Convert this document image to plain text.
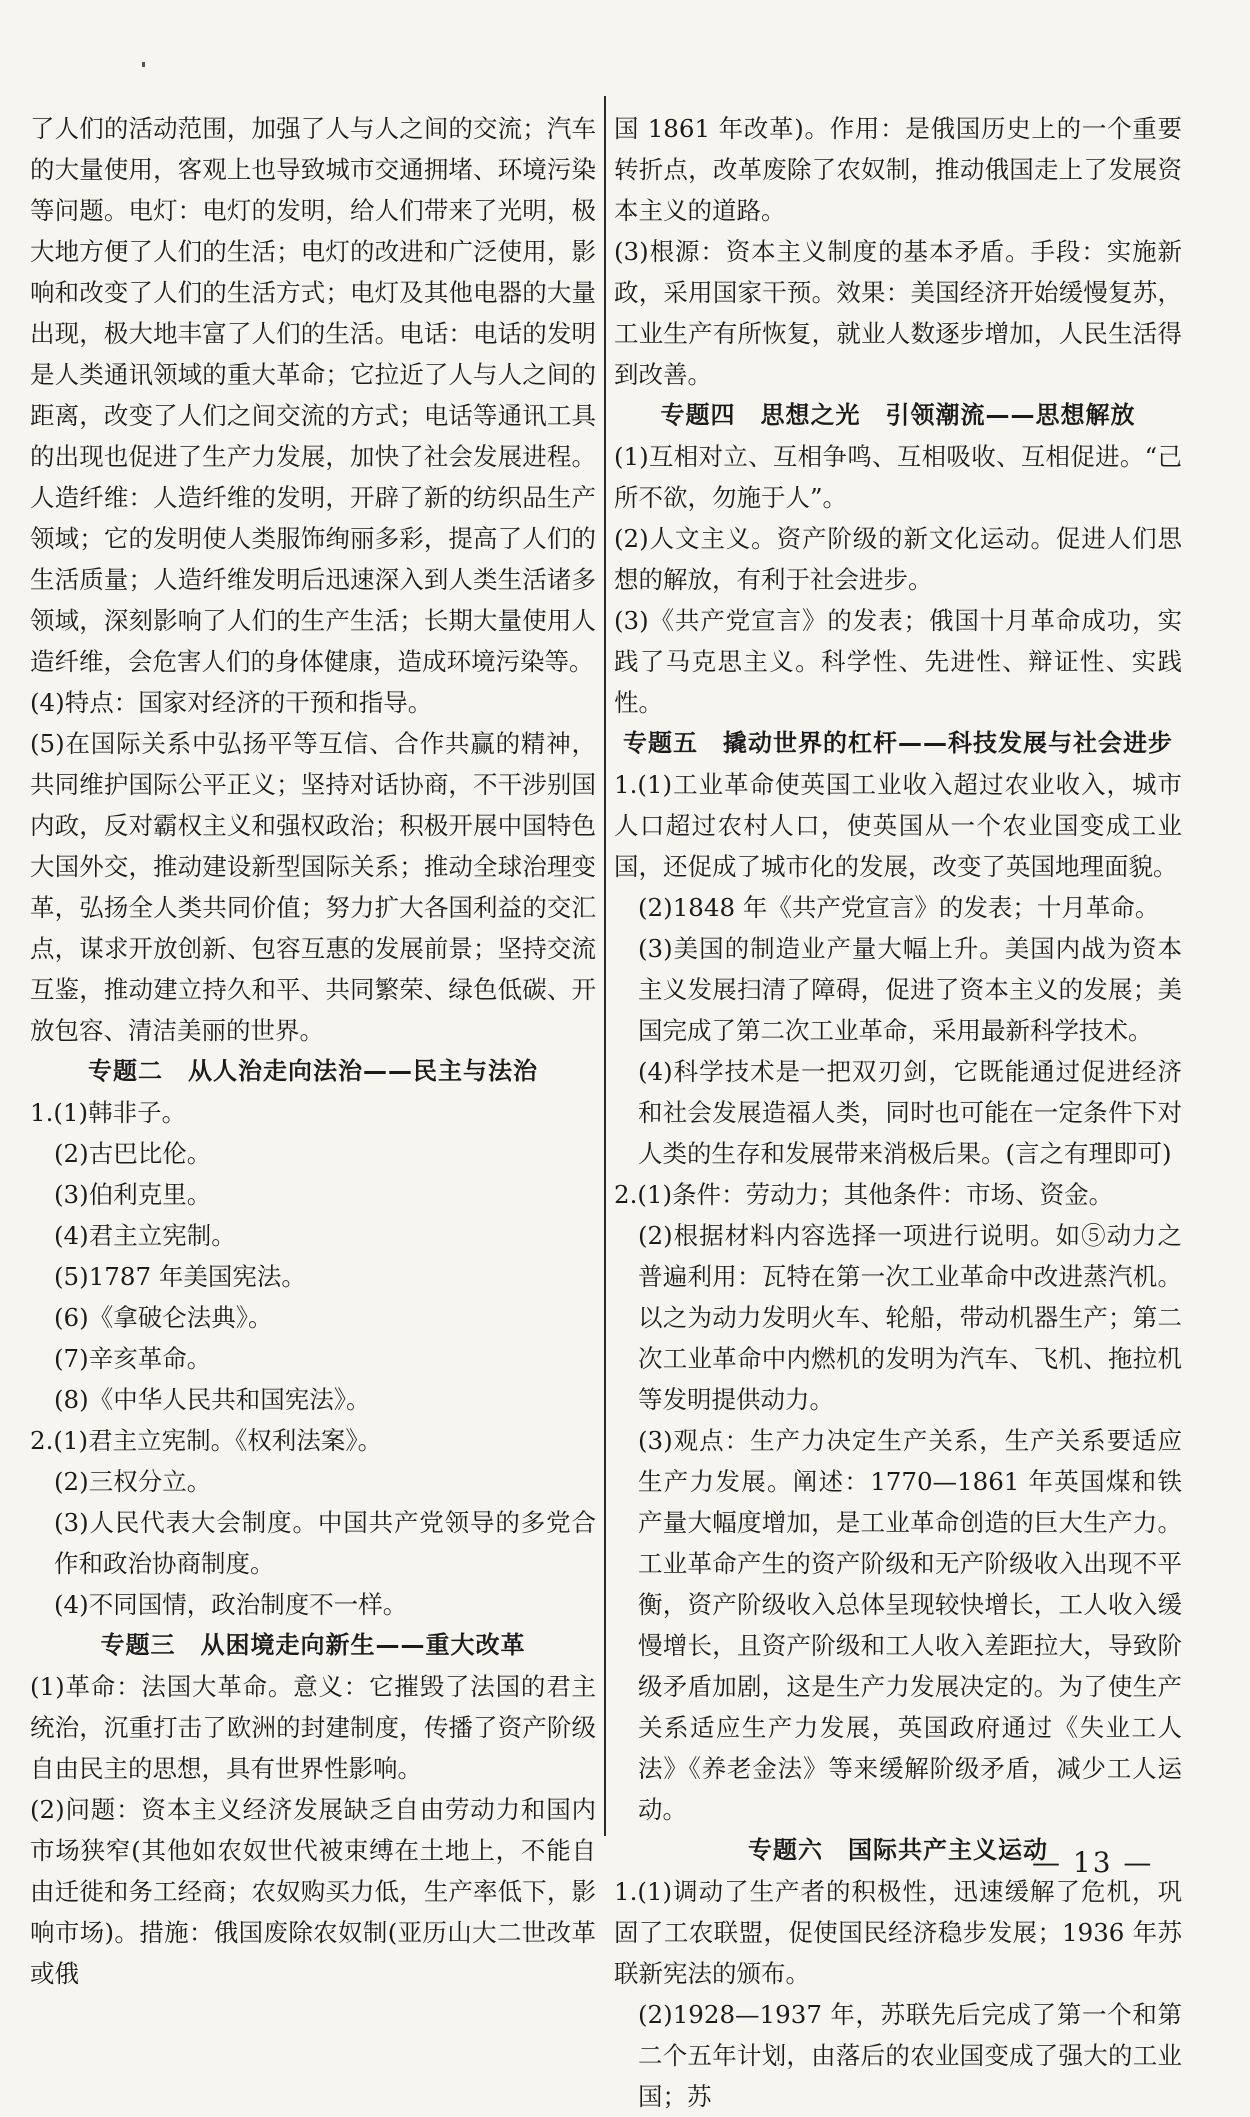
了人们的活动范围，加强了人与人之间的交流；汽车的大量使用，客观上也导致城市交通拥堵、环境污染等问题。电灯：电灯的发明，给人们带来了光明，极大地方便了人们的生活；电灯的改进和广泛使用，影响和改变了人们的生活方式；电灯及其他电器的大量出现，极大地丰富了人们的生活。电话：电话的发明是人类通讯领域的重大革命；它拉近了人与人之间的距离，改变了人们之间交流的方式；电话等通讯工具的出现也促进了生产力发展，加快了社会发展进程。人造纤维：人造纤维的发明，开辟了新的纺织品生产领域；它的发明使人类服饰绚丽多彩，提高了人们的生活质量；人造纤维发明后迅速深入到人类生活诸多领域，深刻影响了人们的生产生活；长期大量使用人造纤维，会危害人们的身体健康，造成环境污染等。
(4)特点：国家对经济的干预和指导。
(5)在国际关系中弘扬平等互信、合作共赢的精神，共同维护国际公平正义；坚持对话协商，不干涉别国内政，反对霸权主义和强权政治；积极开展中国特色大国外交，推动建设新型国际关系；推动全球治理变革，弘扬全人类共同价值；努力扩大各国利益的交汇点，谋求开放创新、包容互惠的发展前景；坚持交流互鉴，推动建立持久和平、共同繁荣、绿色低碳、开放包容、清洁美丽的世界。
专题二　从人治走向法治——民主与法治
1.(1)韩非子。
(2)古巴比伦。
(3)伯利克里。
(4)君主立宪制。
(5)1787 年美国宪法。
(6)《拿破仑法典》。
(7)辛亥革命。
(8)《中华人民共和国宪法》。
2.(1)君主立宪制。《权利法案》。
(2)三权分立。
(3)人民代表大会制度。中国共产党领导的多党合作和政治协商制度。
(4)不同国情，政治制度不一样。
专题三　从困境走向新生——重大改革
(1)革命：法国大革命。意义：它摧毁了法国的君主统治，沉重打击了欧洲的封建制度，传播了资产阶级自由民主的思想，具有世界性影响。
(2)问题：资本主义经济发展缺乏自由劳动力和国内市场狭窄(其他如农奴世代被束缚在土地上，不能自由迁徙和务工经商；农奴购买力低，生产率低下，影响市场)。措施：俄国废除农奴制(亚历山大二世改革或俄
国 1861 年改革)。作用：是俄国历史上的一个重要转折点，改革废除了农奴制，推动俄国走上了发展资本主义的道路。
(3)根源：资本主义制度的基本矛盾。手段：实施新政，采用国家干预。效果：美国经济开始缓慢复苏，工业生产有所恢复，就业人数逐步增加，人民生活得到改善。
专题四　思想之光　引领潮流——思想解放
(1)互相对立、互相争鸣、互相吸收、互相促进。“己所不欲，勿施于人”。
(2)人文主义。资产阶级的新文化运动。促进人们思想的解放，有利于社会进步。
(3)《共产党宣言》的发表；俄国十月革命成功，实践了马克思主义。科学性、先进性、辩证性、实践性。
专题五　撬动世界的杠杆——科技发展与社会进步
1.(1)工业革命使英国工业收入超过农业收入，城市人口超过农村人口，使英国从一个农业国变成工业国，还促成了城市化的发展，改变了英国地理面貌。
(2)1848 年《共产党宣言》的发表；十月革命。
(3)美国的制造业产量大幅上升。美国内战为资本主义发展扫清了障碍，促进了资本主义的发展；美国完成了第二次工业革命，采用最新科学技术。
(4)科学技术是一把双刃剑，它既能通过促进经济和社会发展造福人类，同时也可能在一定条件下对人类的生存和发展带来消极后果。(言之有理即可)
2.(1)条件：劳动力；其他条件：市场、资金。
(2)根据材料内容选择一项进行说明。如⑤动力之普遍利用：瓦特在第一次工业革命中改进蒸汽机。以之为动力发明火车、轮船，带动机器生产；第二次工业革命中内燃机的发明为汽车、飞机、拖拉机等发明提供动力。
(3)观点：生产力决定生产关系，生产关系要适应生产力发展。阐述：1770—1861 年英国煤和铁产量大幅度增加，是工业革命创造的巨大生产力。工业革命产生的资产阶级和无产阶级收入出现不平衡，资产阶级收入总体呈现较快增长，工人收入缓慢增长，且资产阶级和工人收入差距拉大，导致阶级矛盾加剧，这是生产力发展决定的。为了使生产关系适应生产力发展，英国政府通过《失业工人法》《养老金法》等来缓解阶级矛盾，减少工人运动。
专题六　国际共产主义运动
1.(1)调动了生产者的积极性，迅速缓解了危机，巩固了工农联盟，促使国民经济稳步发展；1936 年苏联新宪法的颁布。
(2)1928—1937 年，苏联先后完成了第一个和第二个五年计划，由落后的农业国变成了强大的工业国；苏
— 13 —
